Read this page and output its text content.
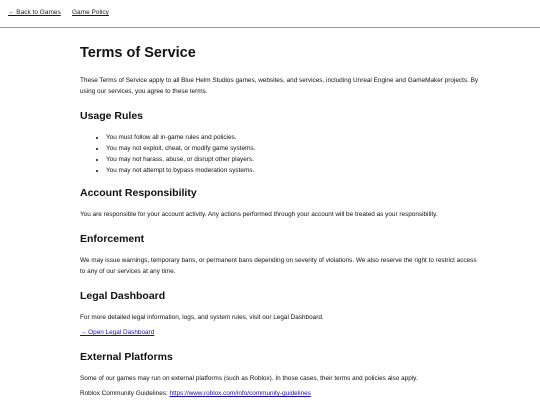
← Back to Games Game Policy
Terms of Service

These Terms of Service apply to all Blue Helm Studios games, websites, and services, including Unreal Engine and GameMaker projects. By using our services, you agree to these terms.

Usage Rules
• You must follow all in-game rules and policies.
• You may not exploit, cheat, or modify game systems.
• You may not harass, abuse, or disrupt other players.
• You may not attempt to bypass moderation systems.
Account Responsibility

You are responsible for your account activity. Any actions performed through your account will be treated as your responsibility.

Enforcement

We may issue warnings, temporary bans, or permanent bans depending on severity of violations. We also reserve the right to restrict access to any of our services at any time.

Legal Dashboard

For more detailed legal information, logs, and system rules, visit our Legal Dashboard.

→ Open Legal Dashboard

External Platforms

Some of our games may run on external platforms (such as Roblox). In those cases, their terms and policies also apply.

Roblox Community Guidelines: https://www.roblox.com/info/community-guidelines
